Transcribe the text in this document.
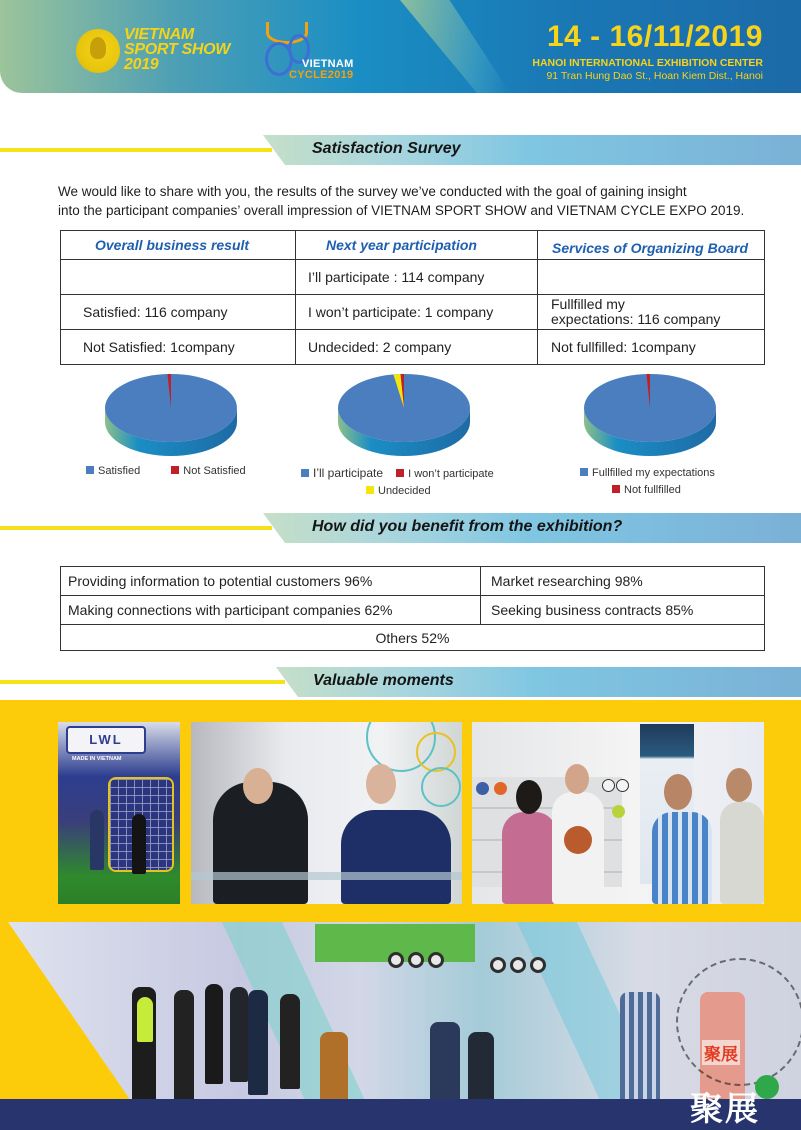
VIETNAM
SPORT SHOW
2019	VIETNAM
CYCLE2019
14 - 16/11/2019
HANOI INTERNATIONAL EXHIBITION CENTER
91 Tran Hung Dao St., Hoan Kiem Dist., Hanoi
Satisfaction Survey
We would like to share with you, the results of the survey we’ve conducted with the goal of gaining insight
into the participant companies’ overall impression of VIETNAM SPORT SHOW and VIETNAM CYCLE EXPO 2019.
Overall business result	Next year participation	Services of Organizing Board
	I’ll participate : 114 company	
Satisfied: 116 company	I won’t participate: 1 company	Fullfilled my
expectations: 116 company

Not Satisfied: 1company	Undecided: 2 company	Not fullfilled: 1company
Satisfied	Not Satisfied	I’ll participate I won’t participate
Undecided
Fullfilled my expectations
Not fullfilled
How did you benefit from the exhibition?
Providing information to potential customers 96%	Market researching 98%
Making connections with participant companies 62%	Seeking business contracts 85%
Others 52%	
Valuable moments
LWL
MADE IN VIETNAM
聚展
聚展
